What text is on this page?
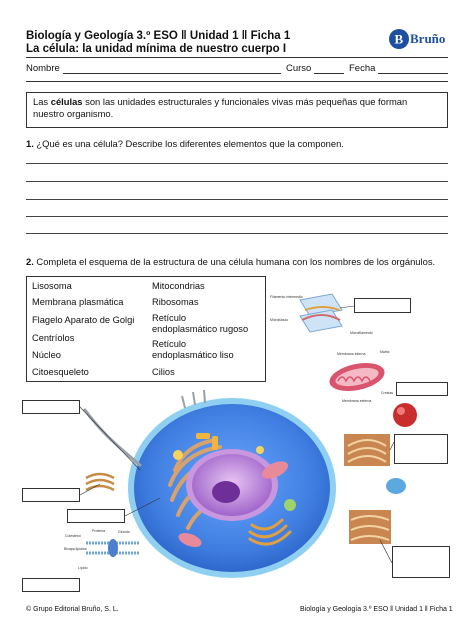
Biología y Geología 3.º ESO ǁ Unidad 1 ǁ Ficha 1
La célula: la unidad mínima de nuestro cuerpo I
B Bruño
Nombre	Curso	Fecha
Las células son las unidades estructurales y funcionales vivas más pequeñas que forman nuestro organismo.
1. ¿Qué es una célula? Describe los diferentes elementos que la componen.
2. Completa el esquema de la estructura de una célula humana con los nombres de los orgánulos.
Lisosoma
Membrana plasmática
Flagelo Aparato de Golgi
Centríolos
Núcleo
Citoesqueleto
Mitocondrias
Ribosomas
Retículo
endoplasmático rugoso
Retículo
endoplasmático liso
Cilios
Filamento intermedio
Microtúbulo
Microfilamento
Membrana interna	Matriz
Crestas
Membrana externa
Colesterol
Proteína	Glúcido
Bicapa lipídica
Lípido
© Grupo Editorial Bruño, S. L.	Biología y Geología 3.º ESO ǁ Unidad 1 ǁ Ficha 1
